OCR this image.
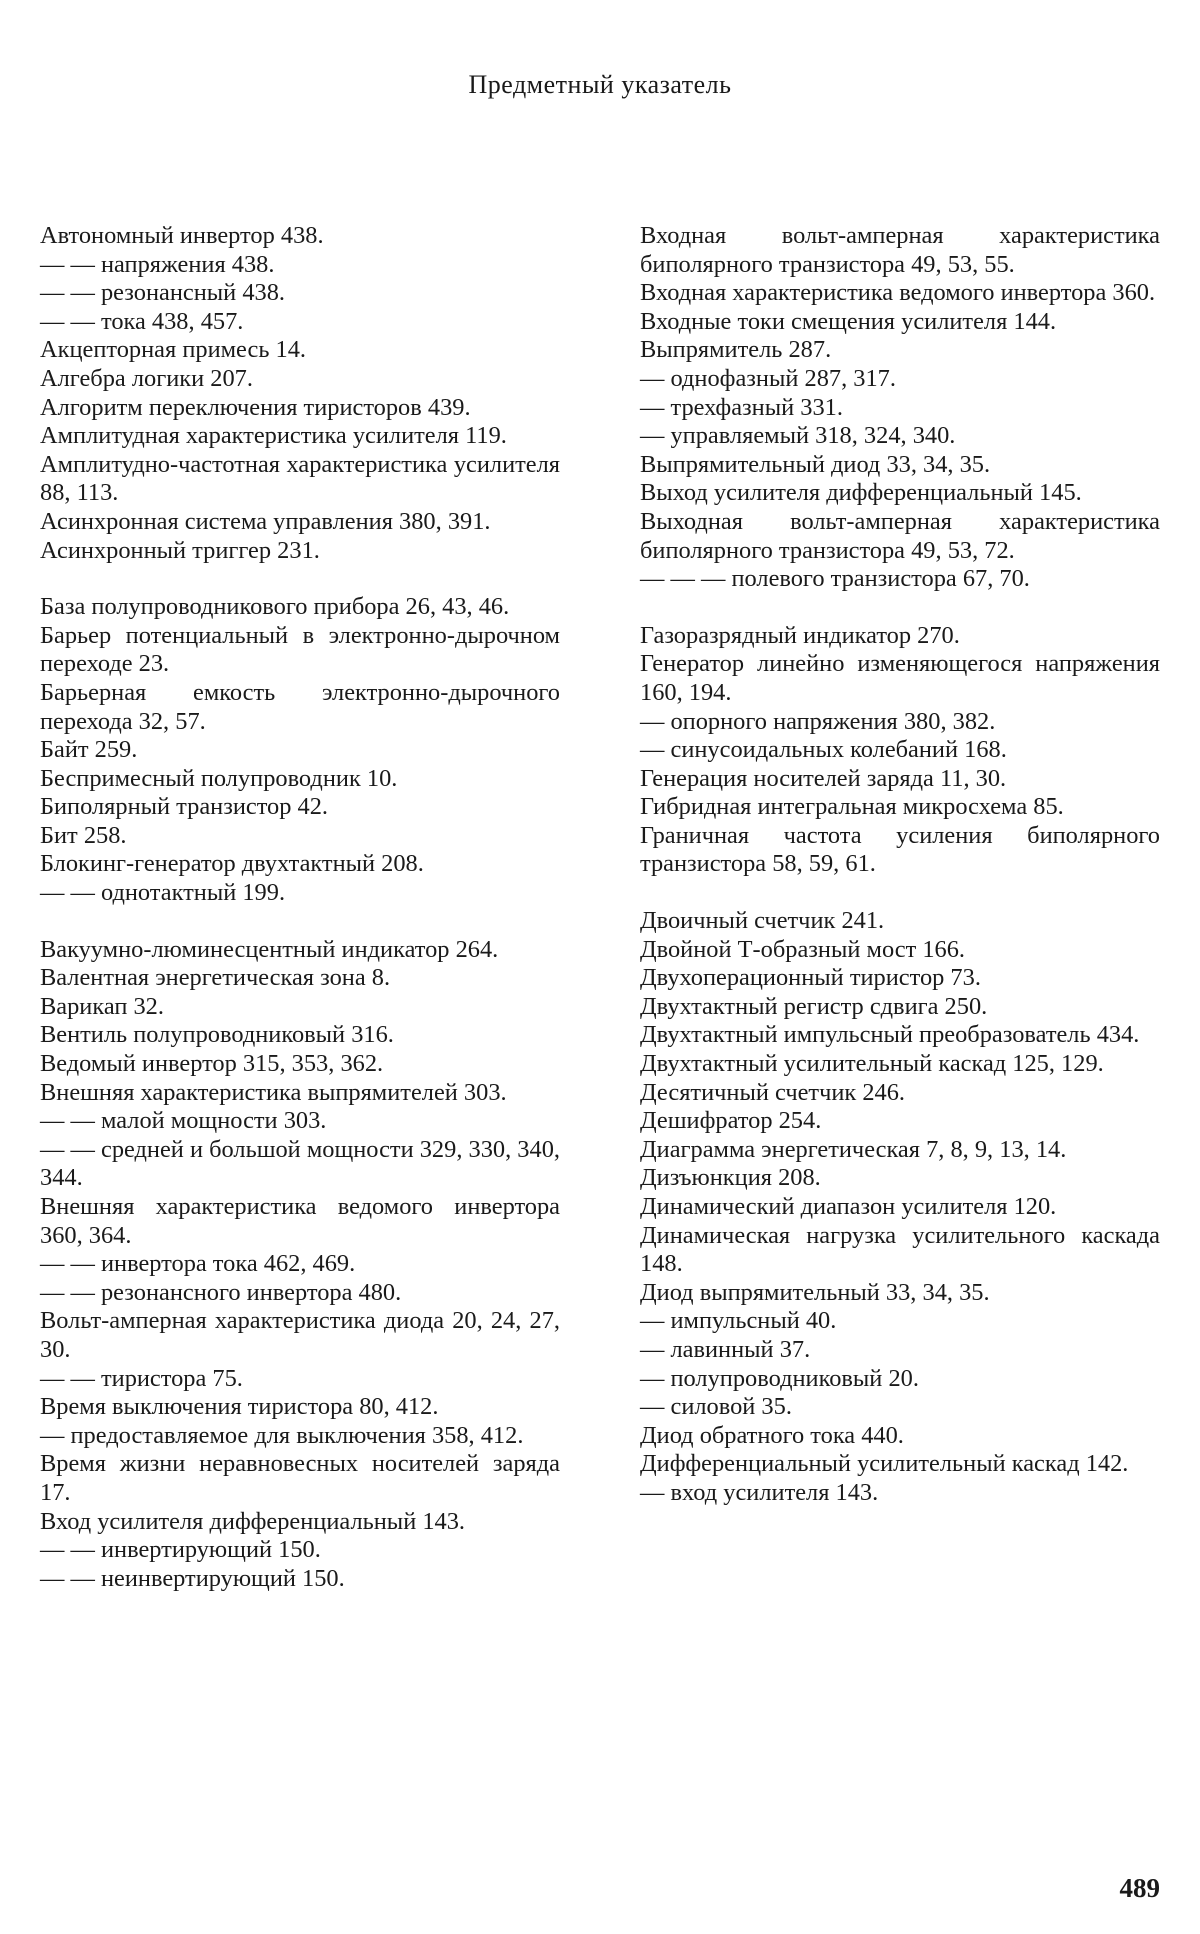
Предметный указатель

Автономный инвертор 438.

— — напряжения 438.

— — резонансный 438.

— — тока 438, 457.

Акцепторная примесь 14.

Алгебра логики 207.

Алгоритм переключения тиристоров 439.

Амплитудная характеристика усилителя 119.

Амплитудно-частотная характеристика усилителя 88, 113.

Асинхронная система управления 380, 391.

Асинхронный триггер 231.

База полупроводникового прибора 26, 43, 46.

Барьер потенциальный в электронно-дырочном переходе 23.

Барьерная емкость электронно-дырочного перехода 32, 57.

Байт 259.

Беспримесный полупроводник 10.

Биполярный транзистор 42.

Бит 258.

Блокинг-генератор двухтактный 208.

— — однотактный 199.

Вакуумно-люминесцентный индикатор 264.

Валентная энергетическая зона 8.

Варикап 32.

Вентиль полупроводниковый 316.

Ведомый инвертор 315, 353, 362.

Внешняя характеристика выпрямителей 303.

— — малой мощности 303.

— — средней и большой мощности 329, 330, 340, 344.

Внешняя характеристика ведомого инвертора 360, 364.

— — инвертора тока 462, 469.

— — резонансного инвертора 480.

Вольт-амперная характеристика диода 20, 24, 27, 30.

— — тиристора 75.

Время выключения тиристора 80, 412.

— предоставляемое для выключения 358, 412.

Время жизни неравновесных носителей заряда 17.

Вход усилителя дифференциальный 143.

— — инвертирующий 150.

— — неинвертирующий 150.

Входная вольт-амперная характеристика биполярного транзистора 49, 53, 55.

Входная характеристика ведомого инвертора 360.

Входные токи смещения усилителя 144.

Выпрямитель 287.

— однофазный 287, 317.

— трехфазный 331.

— управляемый 318, 324, 340.

Выпрямительный диод 33, 34, 35.

Выход усилителя дифференциальный 145.

Выходная вольт-амперная характеристика биполярного транзистора 49, 53, 72.

— — — полевого транзистора 67, 70.

Газоразрядный индикатор 270.

Генератор линейно изменяющегося напряжения 160, 194.

— опорного напряжения 380, 382.

— синусоидальных колебаний 168.

Генерация носителей заряда 11, 30.

Гибридная интегральная микросхема 85.

Граничная частота усиления биполярного транзистора 58, 59, 61.

Двоичный счетчик 241.

Двойной Т-образный мост 166.

Двухоперационный тиристор 73.

Двухтактный регистр сдвига 250.

Двухтактный импульсный преобразователь 434.

Двухтактный усилительный каскад 125, 129.

Десятичный счетчик 246.

Дешифратор 254.

Диаграмма энергетическая 7, 8, 9, 13, 14.

Дизъюнкция 208.

Динамический диапазон усилителя 120.

Динамическая нагрузка усилительного каскада 148.

Диод выпрямительный 33, 34, 35.

— импульсный 40.

— лавинный 37.

— полупроводниковый 20.

— силовой 35.

Диод обратного тока 440.

Дифференциальный усилительный каскад 142.

— вход усилителя 143.

489
